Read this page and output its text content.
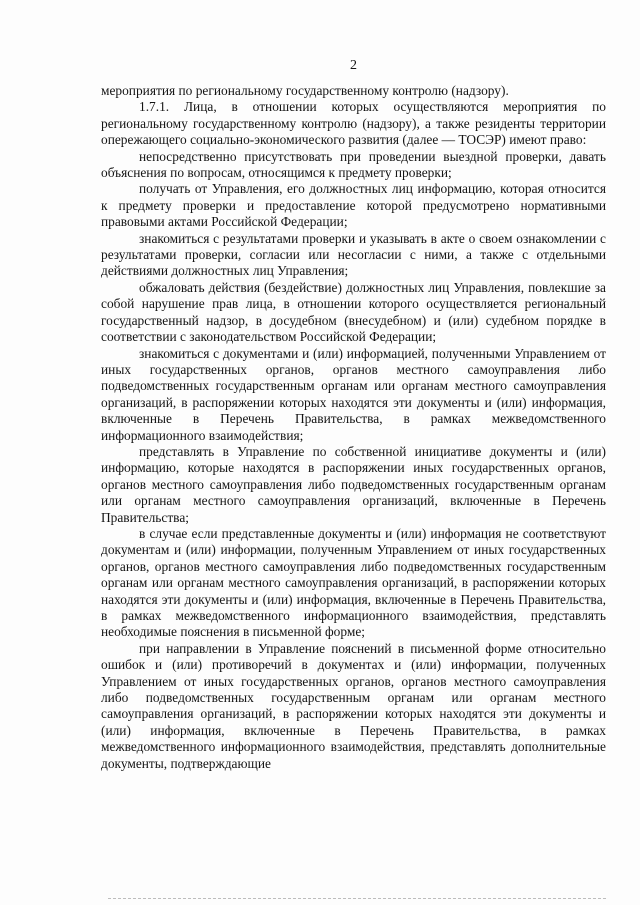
2

мероприятия по региональному государственному контролю (надзору).

1.7.1. Лица, в отношении которых осуществляются мероприятия по региональному государственному контролю (надзору), а также резиденты территории опережающего социально-экономического развития (далее — ТОСЭР) имеют право:

непосредственно присутствовать при проведении выездной проверки, давать объяснения по вопросам, относящимся к предмету проверки;

получать от Управления, его должностных лиц информацию, которая относится к предмету проверки и предоставление которой предусмотрено нормативными правовыми актами Российской Федерации;

знакомиться с результатами проверки и указывать в акте о своем ознакомлении с результатами проверки, согласии или несогласии с ними, а также с отдельными действиями должностных лиц Управления;

обжаловать действия (бездействие) должностных лиц Управления, повлекшие за собой нарушение прав лица, в отношении которого осуществляется региональный государственный надзор, в досудебном (внесудебном) и (или) судебном порядке в соответствии с законодательством Российской Федерации;

знакомиться с документами и (или) информацией, полученными Управлением от иных государственных органов, органов местного самоуправления либо подведомственных государственным органам или органам местного самоуправления организаций, в распоряжении которых находятся эти документы и (или) информация, включенные в Перечень Правительства, в рамках межведомственного информационного взаимодействия;

представлять в Управление по собственной инициативе документы и (или) информацию, которые находятся в распоряжении иных государственных органов, органов местного самоуправления либо подведомственных государственным органам или органам местного самоуправления организаций, включенные в Перечень Правительства;

в случае если представленные документы и (или) информация не соответствуют документам и (или) информации, полученным Управлением от иных государственных органов, органов местного самоуправления либо подведомственных государственным органам или органам местного самоуправления организаций, в распоряжении которых находятся эти документы и (или) информация, включенные в Перечень Правительства, в рамках межведомственного информационного взаимодействия, представлять необходимые пояснения в письменной форме;

при направлении в Управление пояснений в письменной форме относительно ошибок и (или) противоречий в документах и (или) информации, полученных Управлением от иных государственных органов, органов местного самоуправления либо подведомственных государственным органам или органам местного самоуправления организаций, в распоряжении которых находятся эти документы и (или) информация, включенные в Перечень Правительства, в рамках межведомственного информационного взаимодействия, представлять дополнительные документы, подтверждающие
